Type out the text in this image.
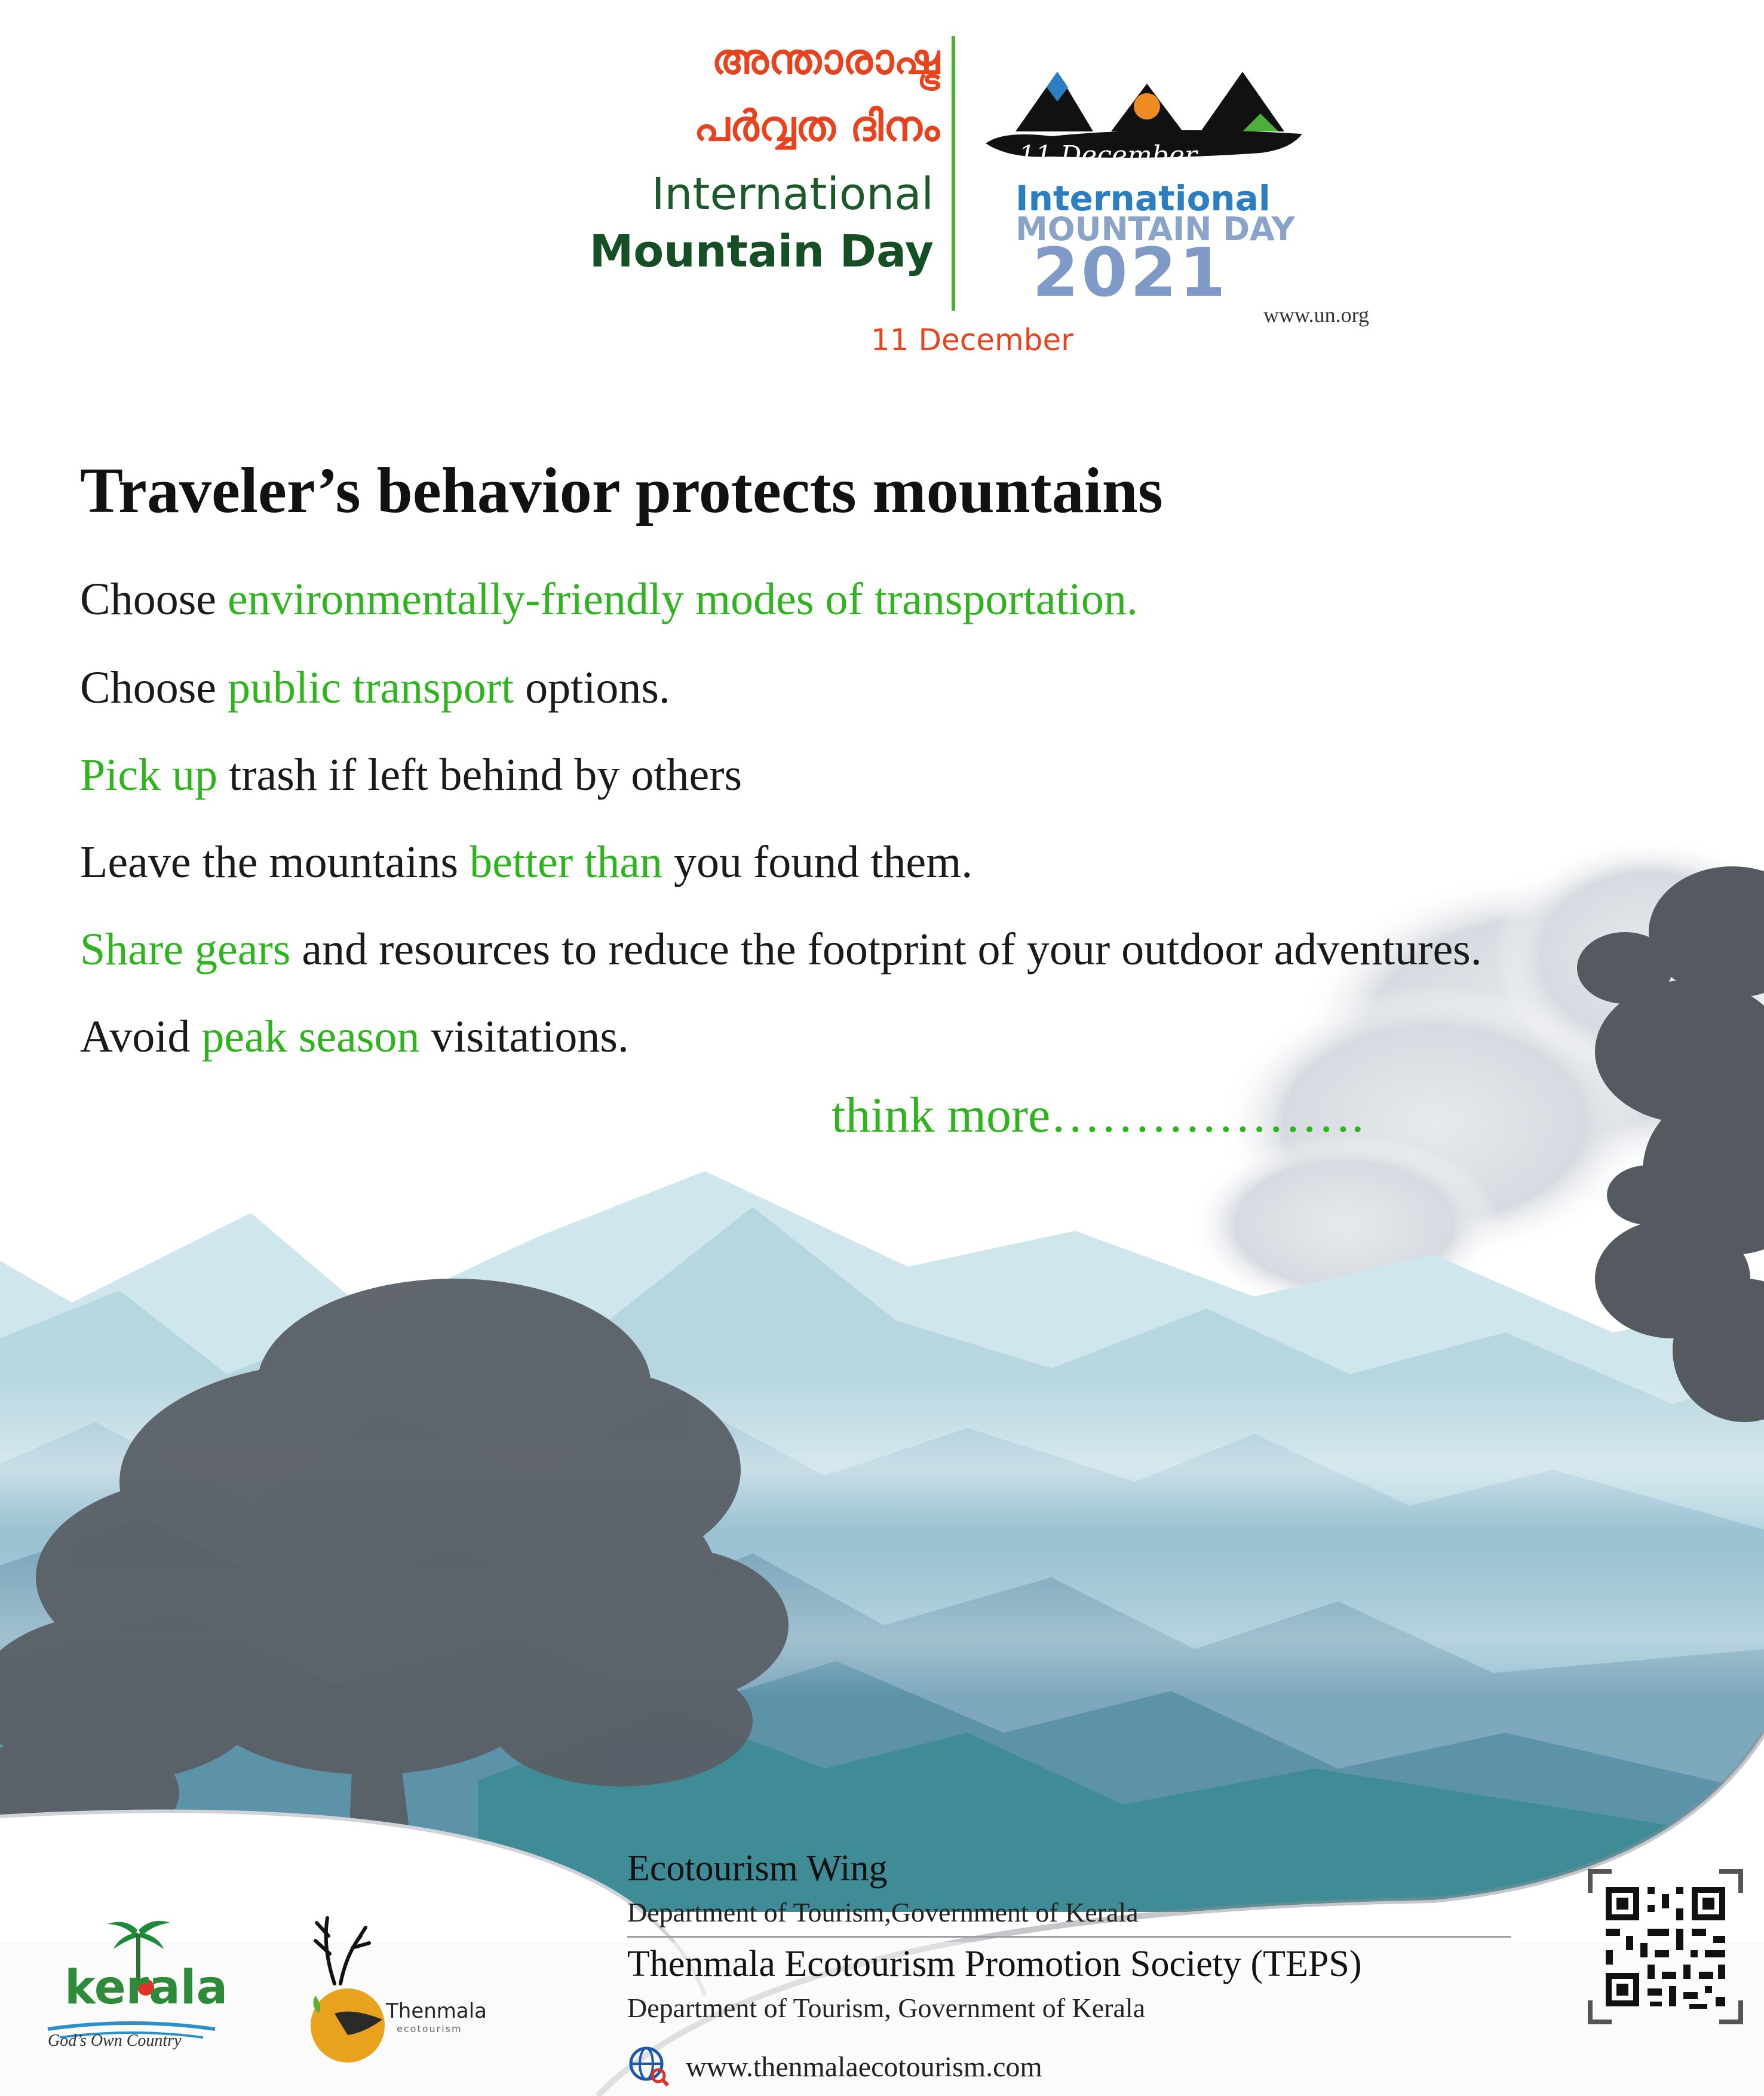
അന്താരാഷ്ട്ര
പർവ്വത ദിനം
International
Mountain Day
11 December
11 December
International
MOUNTAIN DAY
2021
www.un.org
Traveler’s behavior protects mountains
Choose environmentally-friendly modes of transportation.
Choose public transport options.
Pick up trash if left behind by others
Leave the mountains better than you found them.
Share gears and resources to reduce the footprint of your outdoor adventures.
Avoid peak season visitations.
think more……………….
kerala
God’s Own Country
Thenmala
ecotourism
Ecotourism Wing
Department of Tourism,Government of Kerala
Thenmala Ecotourism Promotion Society (TEPS)
Department of Tourism, Government of Kerala
www.thenmalaecotourism.com
